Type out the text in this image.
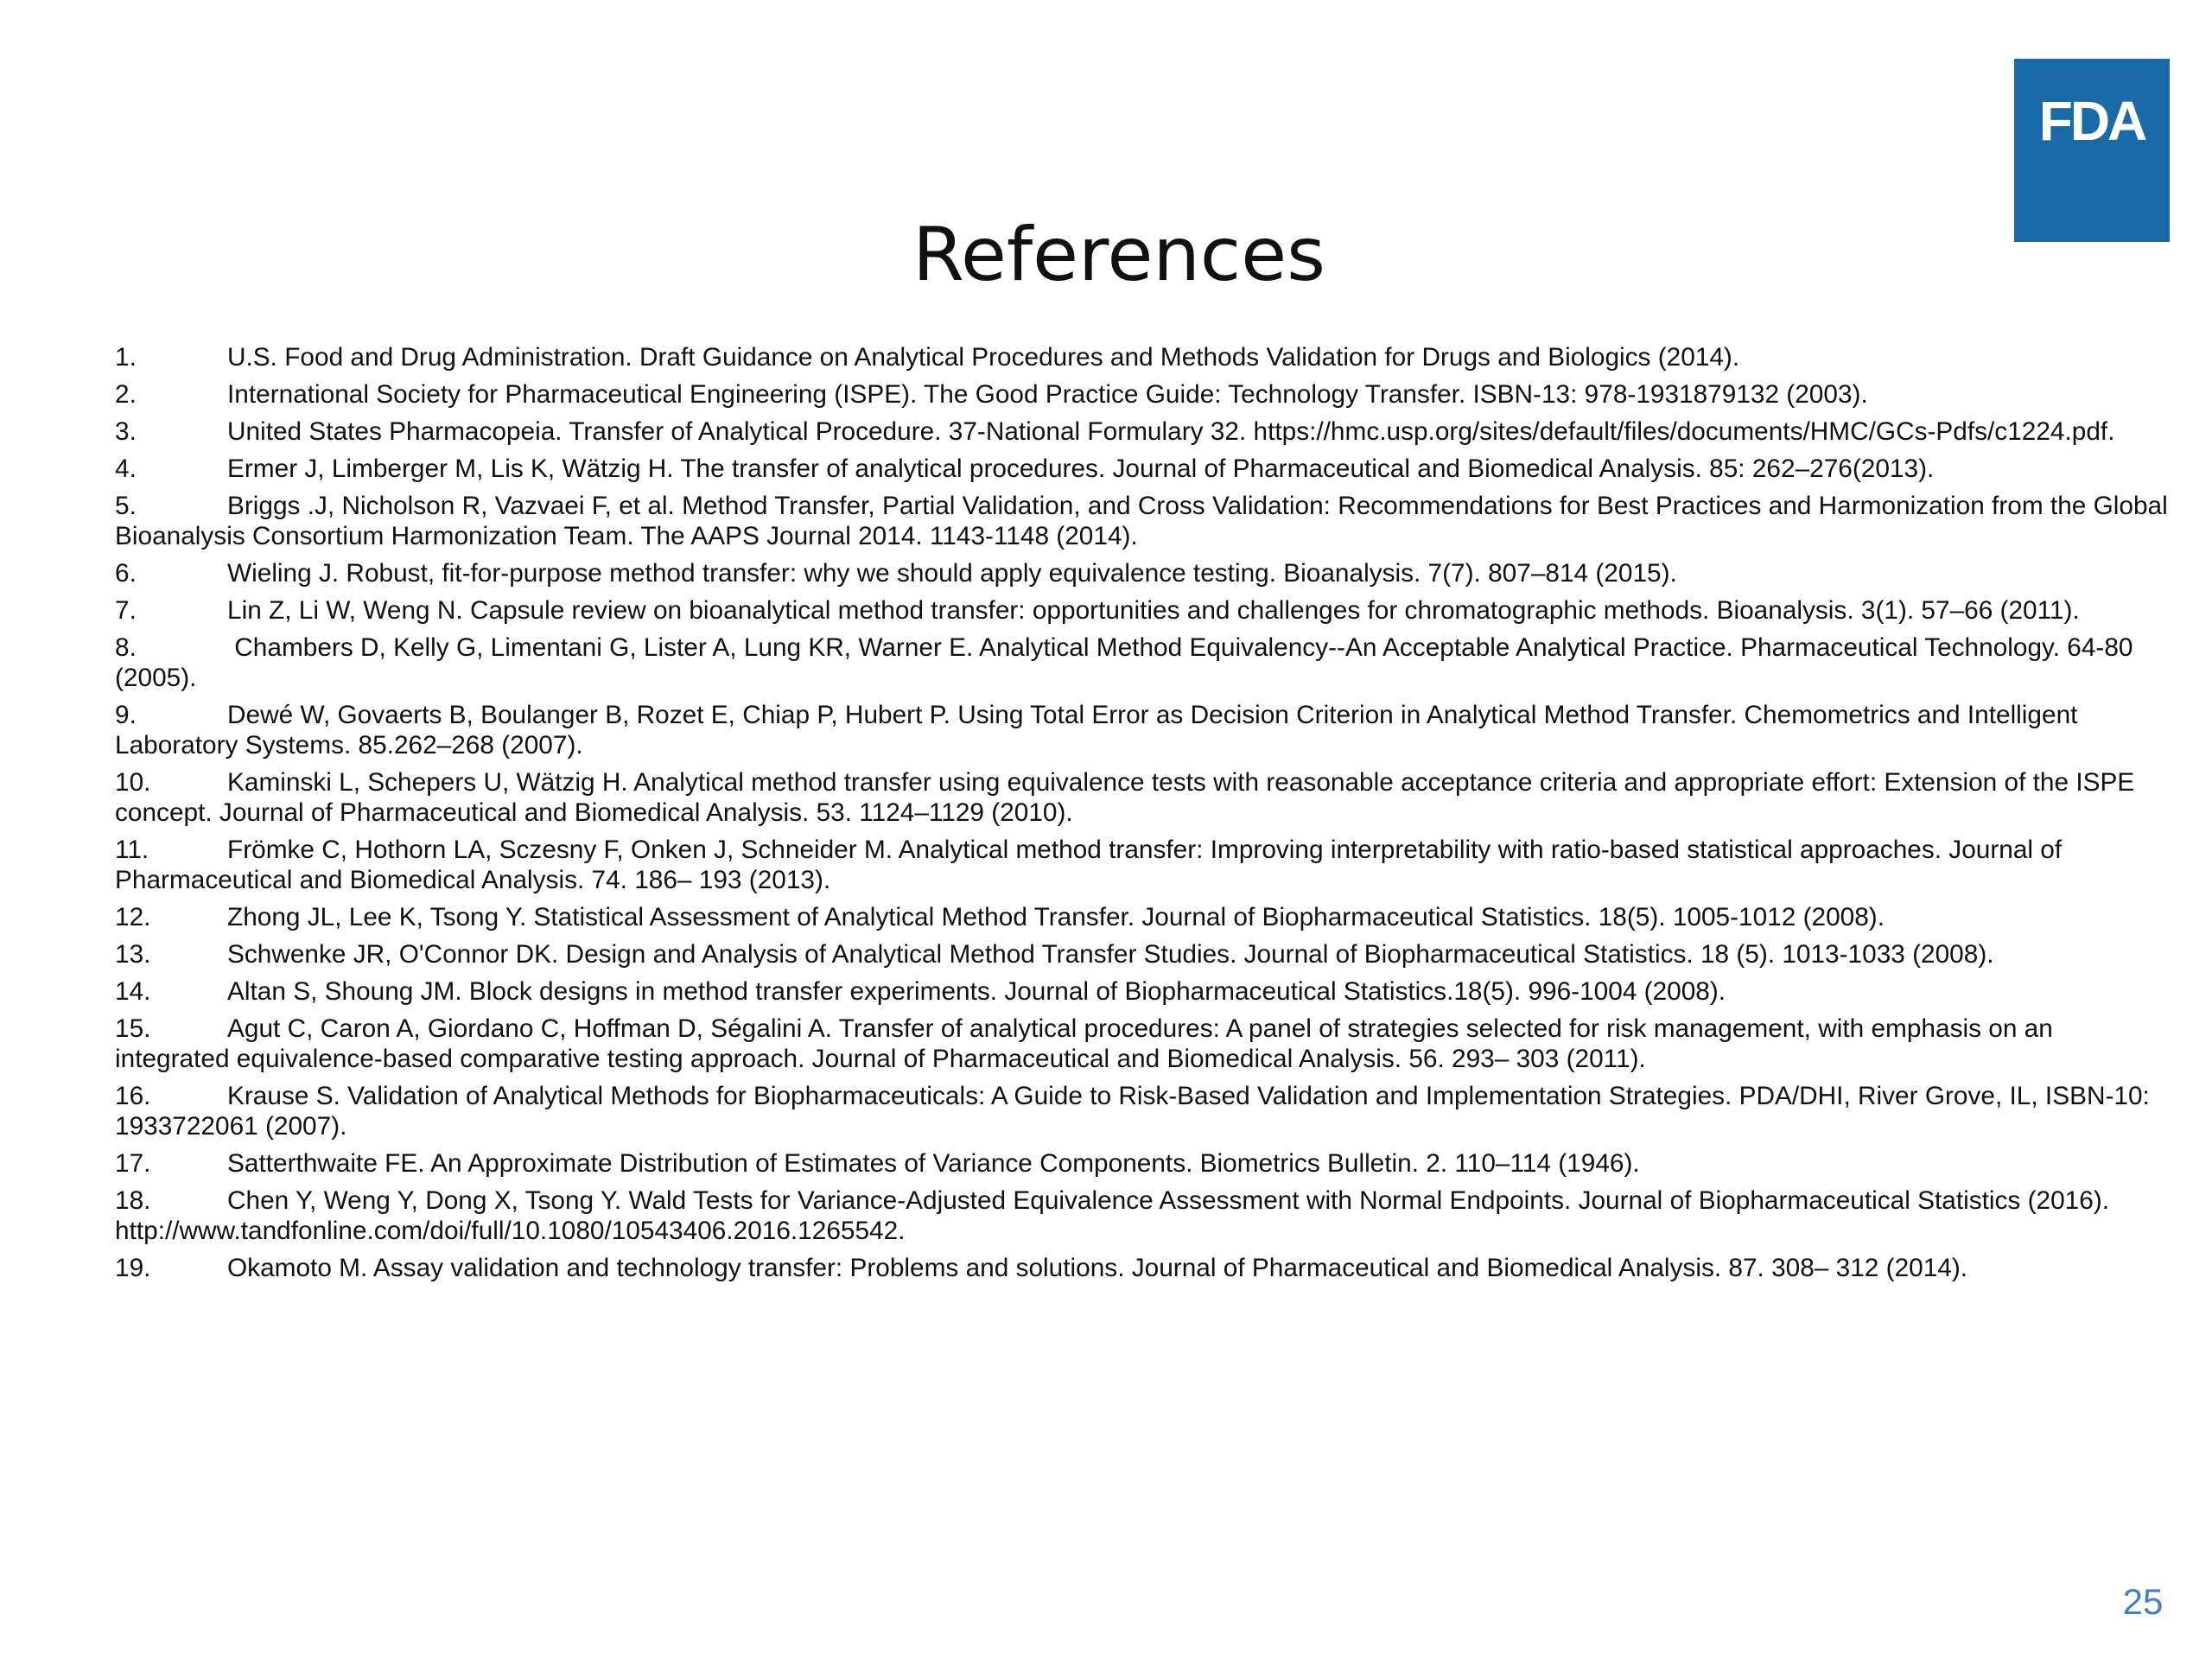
FDA
References
1.	U.S. Food and Drug Administration. Draft Guidance on Analytical Procedures and Methods Validation for Drugs and Biologics (2014).
2.	International Society for Pharmaceutical Engineering (ISPE). The Good Practice Guide: Technology Transfer. ISBN-13: 978-1931879132 (2003).
3.	United States Pharmacopeia. Transfer of Analytical Procedure. 37-National Formulary 32. https://hmc.usp.org/sites/default/files/documents/HMC/GCs-Pdfs/c1224.pdf.
4.	Ermer J, Limberger M, Lis K, Wätzig H. The transfer of analytical procedures. Journal of Pharmaceutical and Biomedical Analysis. 85: 262–276(2013).
5.	Briggs .J, Nicholson R, Vazvaei F, et al. Method Transfer, Partial Validation, and Cross Validation: Recommendations for Best Practices and Harmonization from the Global Bioanalysis Consortium Harmonization Team. The AAPS Journal 2014. 1143-1148 (2014).
6.	Wieling J. Robust, fit-for-purpose method transfer: why we should apply equivalence testing. Bioanalysis. 7(7). 807–814 (2015).
7.	Lin Z, Li W, Weng N. Capsule review on bioanalytical method transfer: opportunities and challenges for chromatographic methods. Bioanalysis. 3(1). 57–66 (2011).
8.	Chambers D, Kelly G, Limentani G, Lister A, Lung KR, Warner E. Analytical Method Equivalency--An Acceptable Analytical Practice. Pharmaceutical Technology. 64-80 (2005).
9.	Dewé W, Govaerts B, Boulanger B, Rozet E, Chiap P, Hubert P. Using Total Error as Decision Criterion in Analytical Method Transfer. Chemometrics and Intelligent Laboratory Systems. 85.262–268 (2007).
10.	Kaminski L, Schepers U, Wätzig H. Analytical method transfer using equivalence tests with reasonable acceptance criteria and appropriate effort: Extension of the ISPE concept. Journal of Pharmaceutical and Biomedical Analysis. 53. 1124–1129 (2010).
11.	Frömke C, Hothorn LA, Sczesny F, Onken J, Schneider M. Analytical method transfer: Improving interpretability with ratio-based statistical approaches. Journal of Pharmaceutical and Biomedical Analysis. 74. 186– 193 (2013).
12.	Zhong JL, Lee K, Tsong Y. Statistical Assessment of Analytical Method Transfer. Journal of Biopharmaceutical Statistics. 18(5). 1005-1012 (2008).
13.	Schwenke JR, O'Connor DK. Design and Analysis of Analytical Method Transfer Studies. Journal of Biopharmaceutical Statistics. 18 (5). 1013-1033 (2008).
14.	Altan S, Shoung JM. Block designs in method transfer experiments. Journal of Biopharmaceutical Statistics.18(5). 996-1004 (2008).
15.	Agut C, Caron A, Giordano C, Hoffman D, Ségalini A. Transfer of analytical procedures: A panel of strategies selected for risk management, with emphasis on an integrated equivalence-based comparative testing approach. Journal of Pharmaceutical and Biomedical Analysis. 56. 293– 303 (2011).
16.	Krause S. Validation of Analytical Methods for Biopharmaceuticals: A Guide to Risk-Based Validation and Implementation Strategies. PDA/DHI, River Grove, IL, ISBN-10: 1933722061 (2007).
17.	Satterthwaite FE. An Approximate Distribution of Estimates of Variance Components. Biometrics Bulletin. 2. 110–114 (1946).
18.	Chen Y, Weng Y, Dong X, Tsong Y. Wald Tests for Variance-Adjusted Equivalence Assessment with Normal Endpoints. Journal of Biopharmaceutical Statistics (2016). http://www.tandfonline.com/doi/full/10.1080/10543406.2016.1265542.
19.	Okamoto M. Assay validation and technology transfer: Problems and solutions. Journal of Pharmaceutical and Biomedical Analysis. 87. 308– 312 (2014).
25
